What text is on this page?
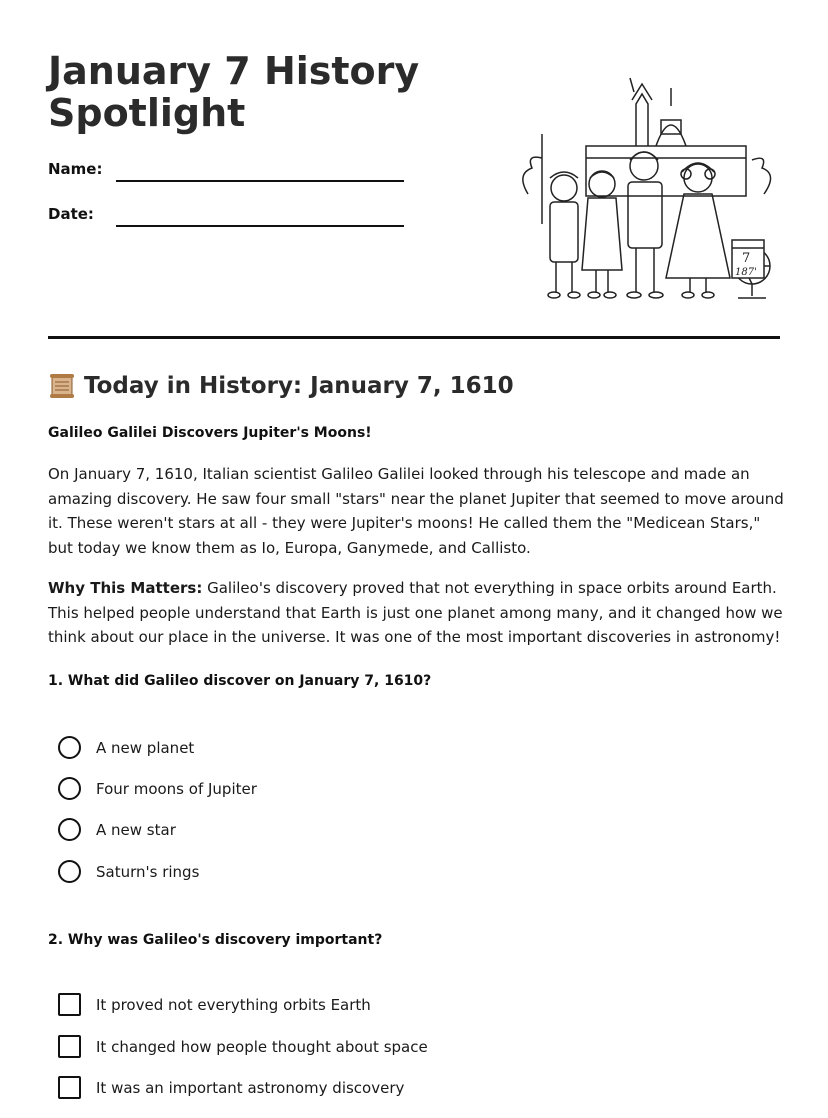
January 7 History Spotlight
Name:
Date:
7
187'
Today in History: January 7, 1610

Galileo Galilei Discovers Jupiter's Moons!

On January 7, 1610, Italian scientist Galileo Galilei looked through his telescope and made an amazing discovery. He saw four small "stars" near the planet Jupiter that seemed to move around it. These weren't stars at all - they were Jupiter's moons! He called them the "Medicean Stars," but today we know them as Io, Europa, Ganymede, and Callisto.

Why This Matters: Galileo's discovery proved that not everything in space orbits around Earth. This helped people understand that Earth is just one planet among many, and it changed how we think about our place in the universe. It was one of the most important discoveries in astronomy!

1. What did Galileo discover on January 7, 1610?

A new planet
Four moons of Jupiter
A new star
Saturn's rings

2. Why was Galileo's discovery important?

It proved not everything orbits Earth
It changed how people thought about space
It was an important astronomy discovery
